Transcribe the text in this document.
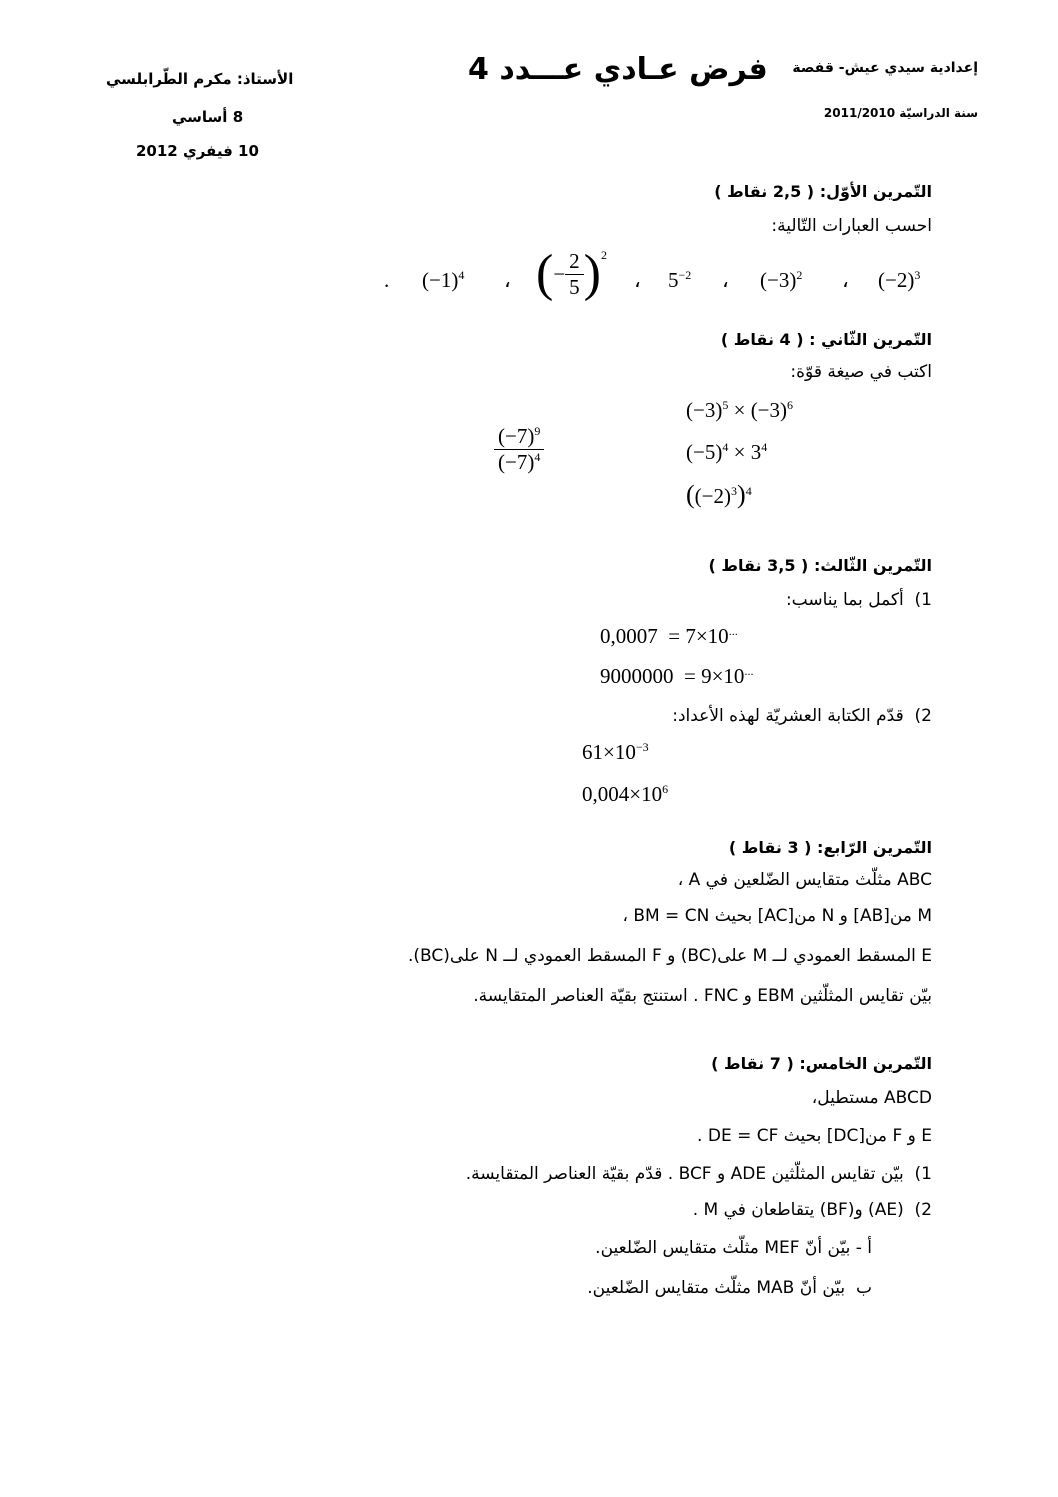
إعدادية سيدي عيش- قفصة
سنة الدراسيّة 2011/2010
فرض عـادي عـــدد 4
الأستاذ: مكرم الطّرابلسي
8 أساسي
10 فيفري 2012
التّمرين الأوّل: ( 2,5 نقاط )
احسب العبارات التّالية:
$(-2)^3$
،
$(-3)^2$
،
$5^{-2}$
،
( − $\frac{2}{5} )^2$
،
$(-1)^4$
.
التّمرين الثّاني : ( 4 نقاط )
اكتب في صيغة قوّة:
$(-3)^5 \times (-3)^6$
$(-5)^4 \times 3^4$
$((-2)^3)^4$
$\frac{(-7)^9}{(-7)^4}$
التّمرين الثّالث: ( 3,5 نقاط )
1)  أكمل بما يناسب:
0,0007 = 7×10...
9000000 = 9×10...
2)  قدّم الكتابة العشريّة لهذه الأعداد:
$61\times 10^{-3}$
$0,004\times 10^6$
التّمرين الرّابع: ( 3 نقاط )
ABC مثلّث متقايس الضّلعين في A ،
M من[AB] و N من[AC] بحيث BM = CN ،
E المسقط العمودي لــ M على(BC) و F المسقط العمودي لــ N على(BC).
بيّن تقايس المثلّثين EBM و FNC . استنتج بقيّة العناصر المتقايسة.
التّمرين الخامس: ( 7 نقاط )
ABCD مستطيل،
E و F من[DC] بحيث DE = CF .
1)  بيّن تقايس المثلّثين ADE و BCF . قدّم بقيّة العناصر المتقايسة.
2)  (AE) و(BF) يتقاطعان في M .
أ - بيّن أنّ MEF مثلّث متقايس الضّلعين.
ب  بيّن أنّ MAB مثلّث متقايس الضّلعين.
